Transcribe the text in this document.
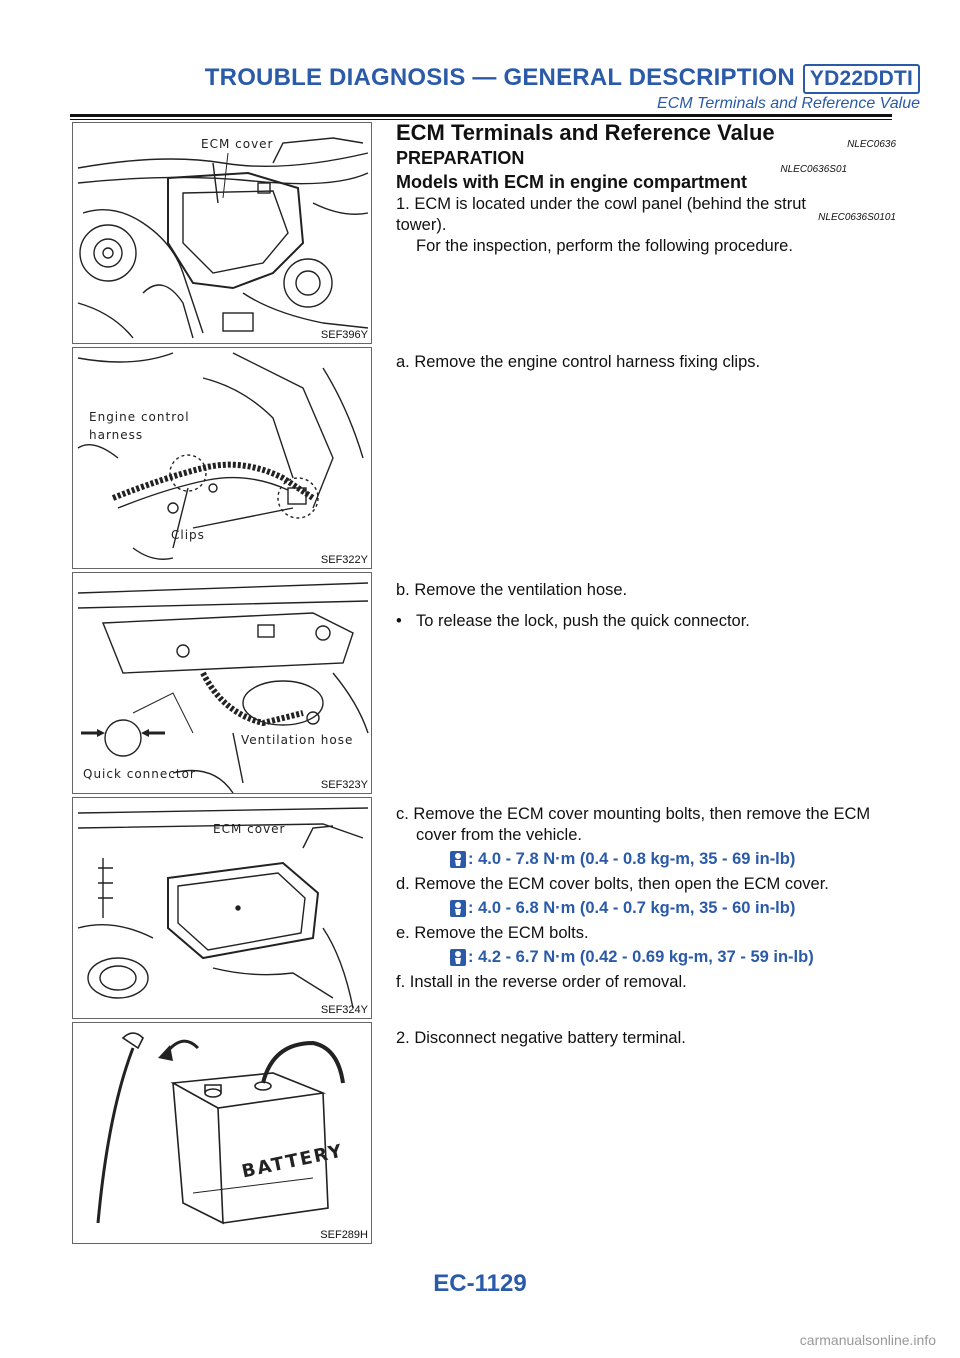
TROUBLE DIAGNOSIS — GENERAL DESCRIPTION YD22DDTI
ECM Terminals and Reference Value
ECM cover
SEF396Y
Engine control
harness
Clips
SEF322Y
Ventilation hose
Quick connector
SEF323Y
ECM cover
SEF324Y
BATTERY
SEF289H
ECM Terminals and Reference Value	NLEC0636
PREPARATION
NLEC0636S01
Models with ECM in engine compartment
NLEC0636S0101

1. ECM is located under the cowl panel (behind the strut tower).
For the inspection, perform the following procedure.

a. Remove the engine control harness fixing clips.

b. Remove the ventilation hose.

• To release the lock, push the quick connector.

c. Remove the ECM cover mounting bolts, then remove the ECM
cover from the vehicle.

: 4.0 - 7.8 N·m (0.4 - 0.8 kg-m, 35 - 69 in-lb)

d. Remove the ECM cover bolts, then open the ECM cover.

: 4.0 - 6.8 N·m (0.4 - 0.7 kg-m, 35 - 60 in-lb)

e. Remove the ECM bolts.

: 4.2 - 6.7 N·m (0.42 - 0.69 kg-m, 37 - 59 in-lb)

f. Install in the reverse order of removal.

2. Disconnect negative battery terminal.

EC-1129
carmanualsonline.info
